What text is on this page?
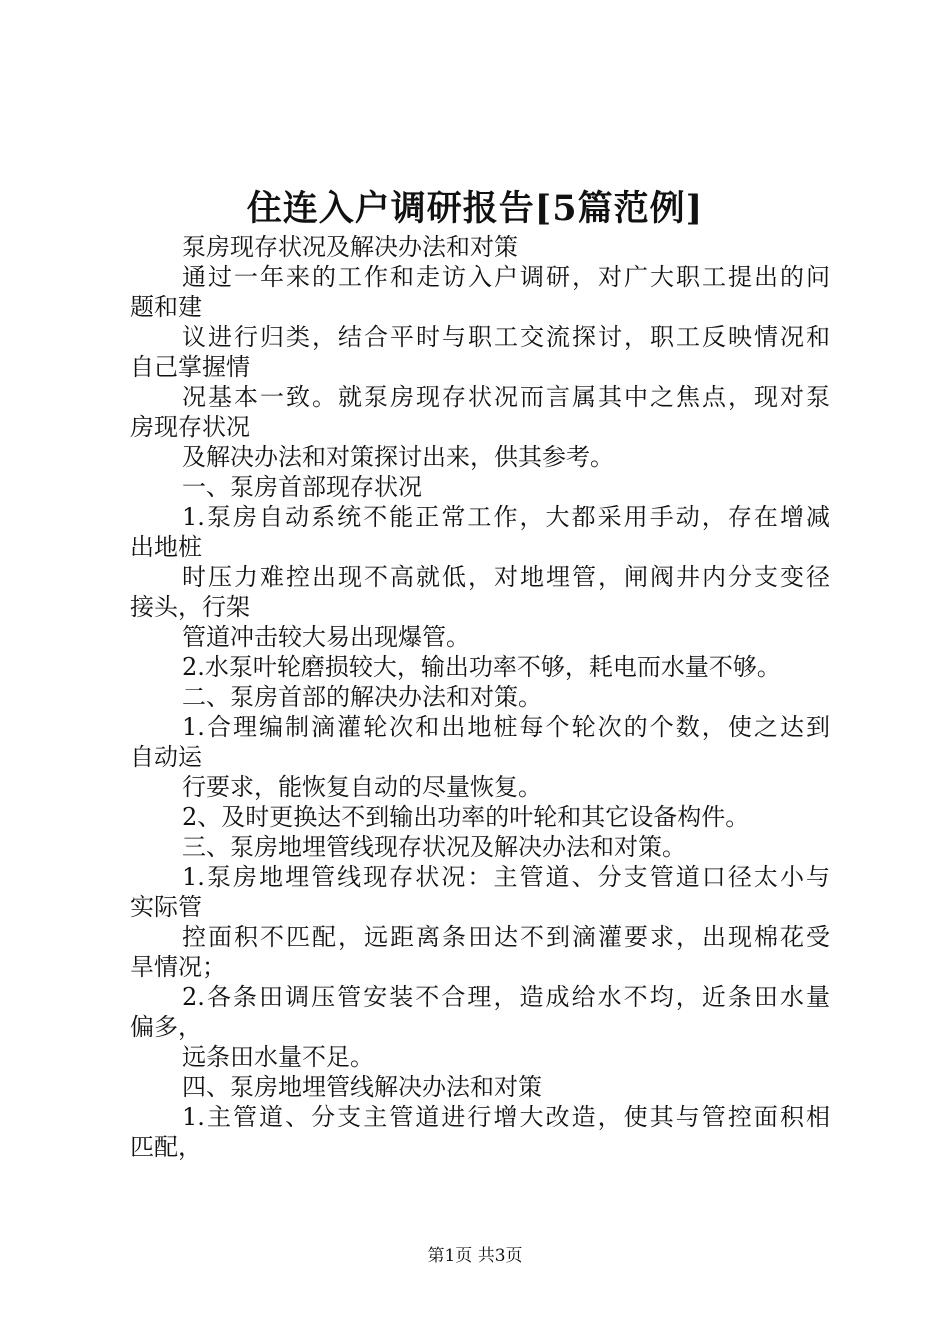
住连入户调研报告[5篇范例]
泵房现存状况及解决办法和对策
通过一年来的工作和走访入户调研，对广大职工提出的问
题和建
议进行归类，结合平时与职工交流探讨，职工反映情况和
自己掌握情
况基本一致。就泵房现存状况而言属其中之焦点，现对泵
房现存状况
及解决办法和对策探讨出来，供其参考。
一、泵房首部现存状况
1.泵房自动系统不能正常工作，大都采用手动，存在增减
出地桩
时压力难控出现不高就低，对地埋管，闸阀井内分支变径
接头，行架
管道冲击较大易出现爆管。
2.水泵叶轮磨损较大，输出功率不够，耗电而水量不够。
二、泵房首部的解决办法和对策。
1.合理编制滴灌轮次和出地桩每个轮次的个数，使之达到
自动运
行要求，能恢复自动的尽量恢复。
2、及时更换达不到输出功率的叶轮和其它设备构件。
三、泵房地埋管线现存状况及解决办法和对策。
1.泵房地埋管线现存状况：主管道、分支管道口径太小与
实际管
控面积不匹配，远距离条田达不到滴灌要求，出现棉花受
旱情况；
2.各条田调压管安装不合理，造成给水不均，近条田水量
偏多，
远条田水量不足。
四、泵房地埋管线解决办法和对策
1.主管道、分支主管道进行增大改造，使其与管控面积相
匹配，
第1页 共3页
